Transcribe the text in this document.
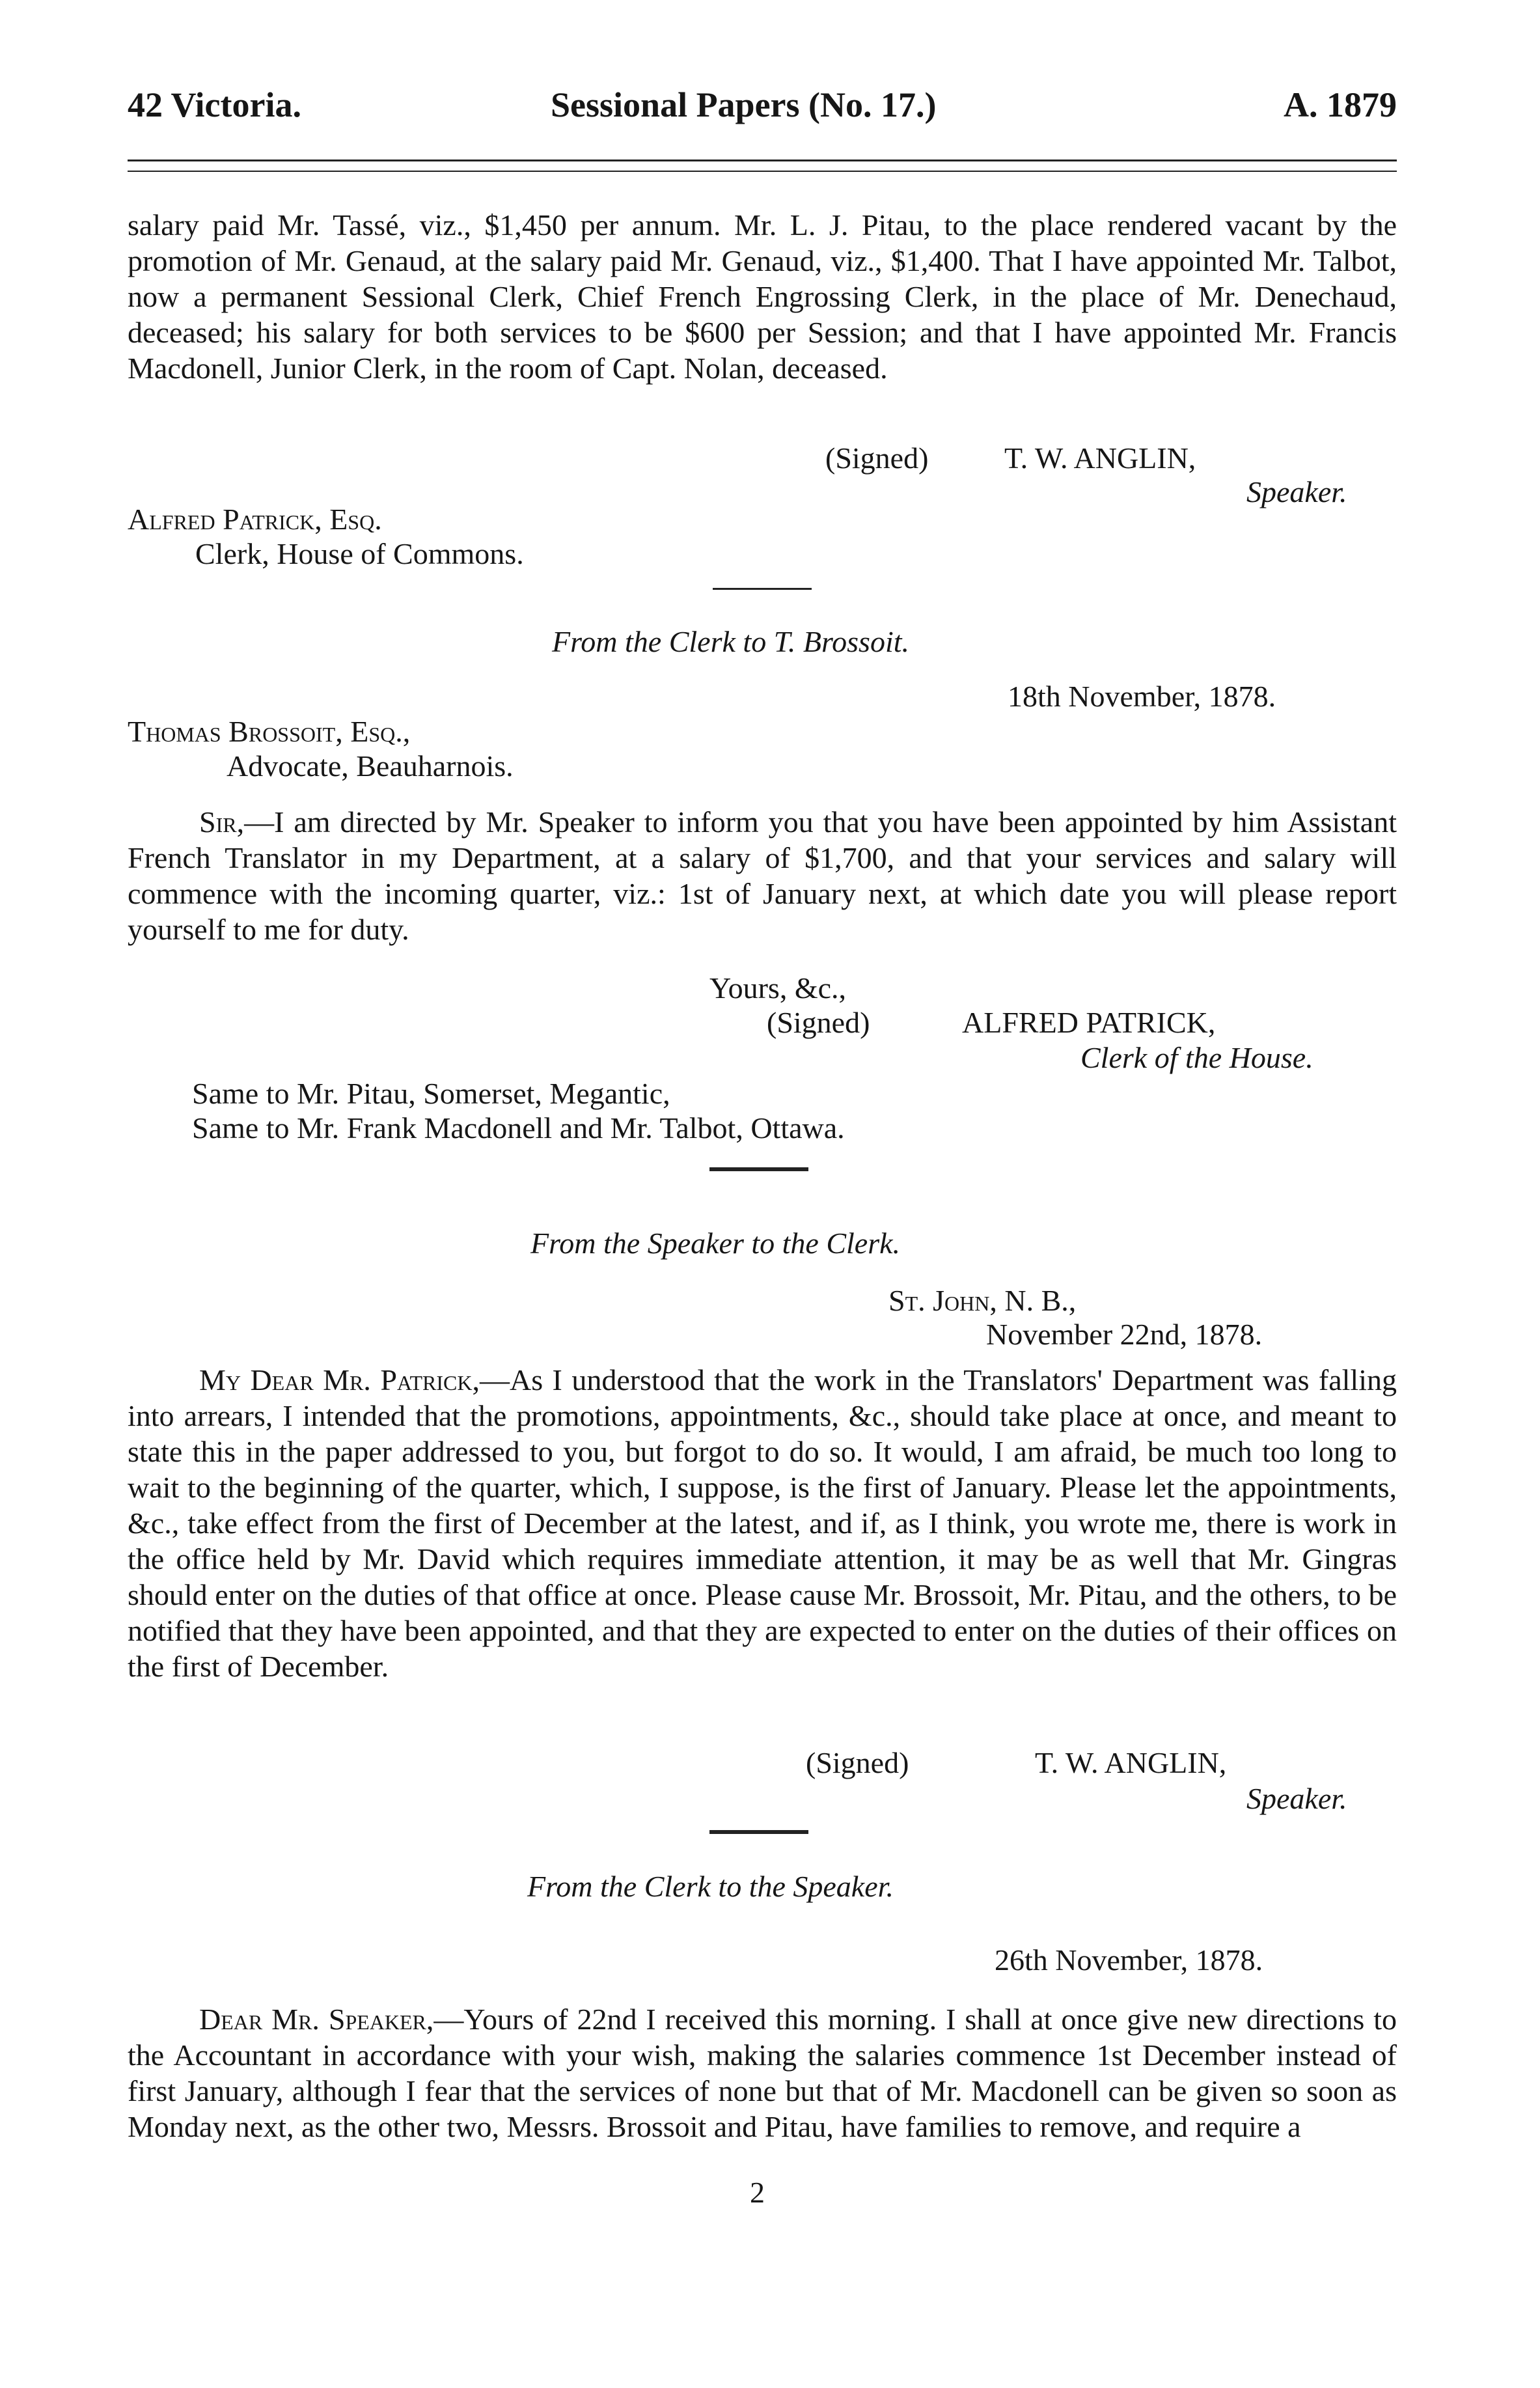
42 Victoria.	Sessional Papers (No. 17.)	A. 1879

salary paid Mr. Tassé, viz., $1,450 per annum. Mr. L. J. Pitau, to the place rendered vacant by the promotion of Mr. Genaud, at the salary paid Mr. Genaud, viz., $1,400. That I have appointed Mr. Talbot, now a permanent Sessional Clerk, Chief French Engrossing Clerk, in the place of Mr. Denechaud, deceased; his salary for both services to be $600 per Session; and that I have appointed Mr. Francis Macdonell, Junior Clerk, in the room of Capt. Nolan, deceased.

(Signed)	T. W. ANGLIN,
Speaker.
Alfred Patrick, Esq.
Clerk, House of Commons.
From the Clerk to T. Brossoit.
18th November, 1878.
Thomas Brossoit, Esq.,
Advocate, Beauharnois.

Sir,—I am directed by Mr. Speaker to inform you that you have been appointed by him Assistant French Translator in my Department, at a salary of $1,700, and that your services and salary will commence with the incoming quarter, viz.: 1st of January next, at which date you will please report yourself to me for duty.

Yours, &c.,
(Signed)	ALFRED PATRICK,
Clerk of the House.
Same to Mr. Pitau, Somerset, Megantic,
Same to Mr. Frank Macdonell and Mr. Talbot, Ottawa.
From the Speaker to the Clerk.
St. John, N. B.,
November 22nd, 1878.

My Dear Mr. Patrick,—As I understood that the work in the Translators' Department was falling into arrears, I intended that the promotions, appointments, &c., should take place at once, and meant to state this in the paper addressed to you, but forgot to do so. It would, I am afraid, be much too long to wait to the beginning of the quarter, which, I suppose, is the first of January. Please let the appointments, &c., take effect from the first of December at the latest, and if, as I think, you wrote me, there is work in the office held by Mr. David which requires immediate attention, it may be as well that Mr. Gingras should enter on the duties of that office at once. Please cause Mr. Brossoit, Mr. Pitau, and the others, to be notified that they have been appointed, and that they are expected to enter on the duties of their offices on the first of December.

(Signed)	T. W. ANGLIN,
Speaker.
From the Clerk to the Speaker.
26th November, 1878.

Dear Mr. Speaker,—Yours of 22nd I received this morning. I shall at once give new directions to the Accountant in accordance with your wish, making the salaries commence 1st December instead of first January, although I fear that the services of none but that of Mr. Macdonell can be given so soon as Monday next, as the other two, Messrs. Brossoit and Pitau, have families to remove, and require a

2
